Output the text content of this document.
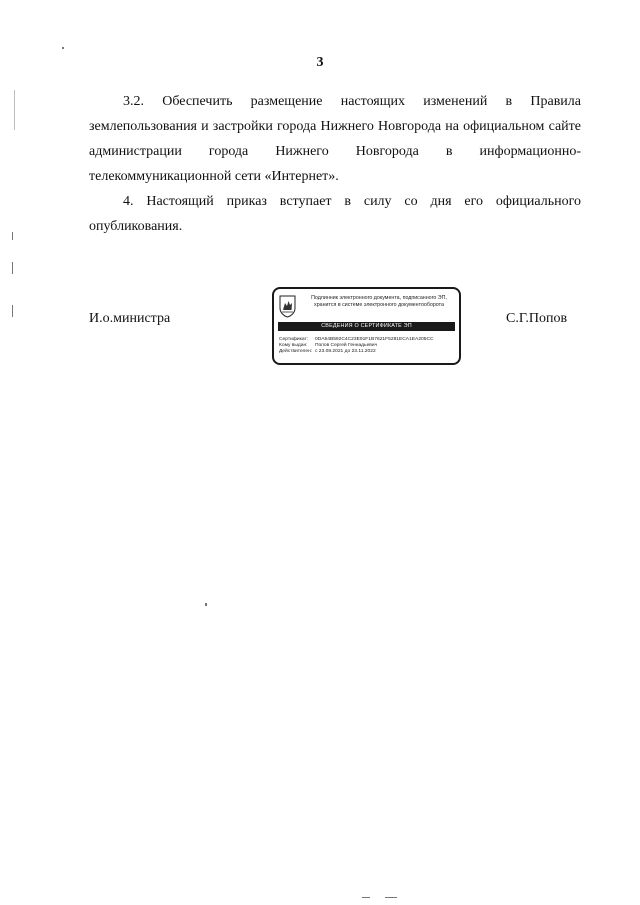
3

3.2. Обеспечить размещение настоящих изменений в Правила землепользования и застройки города Нижнего Новгорода на официальном сайте администрации города Нижнего Новгорода в информационно-телекоммуникационной сети «Интернет».

4. Настоящий приказ вступает в силу со дня его официального опубликования.

И.о.министра	С.Г.Попов
Подлинник электронного документа, подписанного ЭП,
хранится в системе электронного документооборота
СВЕДЕНИЯ О СЕРТИФИКАТЕ ЭП
Сертификат: 0DA54B592C4C23E91F1B7621F5281ECA1EA205CC
Кому выдан: Попов Сергей Геннадьевич
Действителен: с 23.08.2021 до 23.11.2022
